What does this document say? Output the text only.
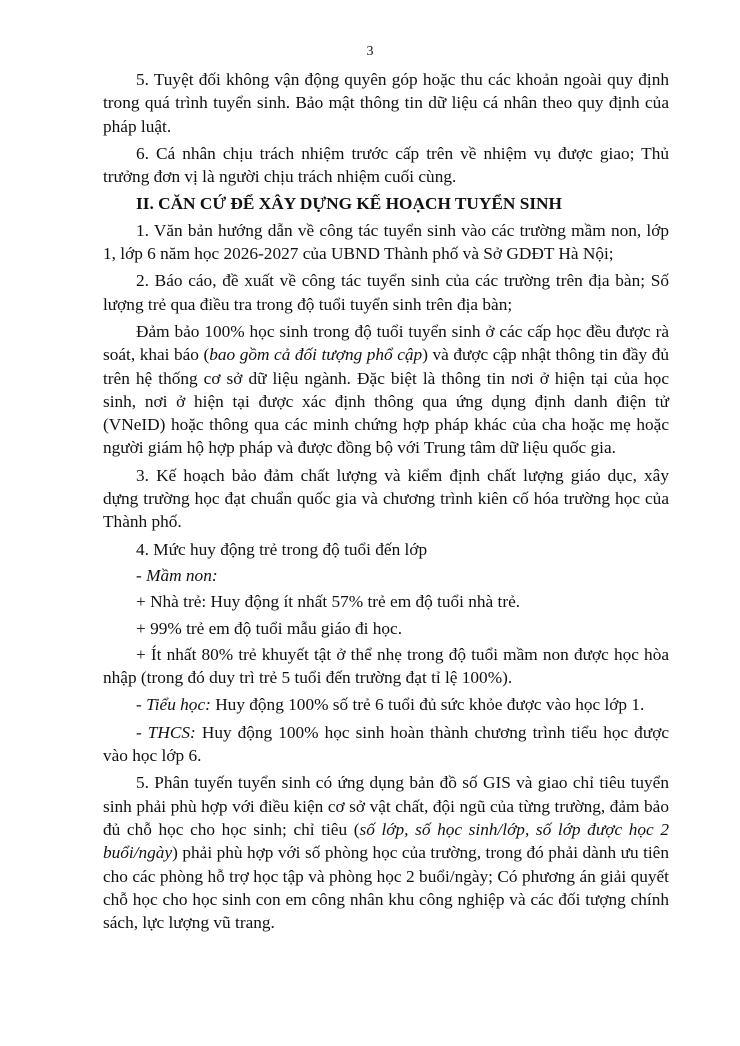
3

5. Tuyệt đối không vận động quyên góp hoặc thu các khoản ngoài quy định trong quá trình tuyển sinh. Bảo mật thông tin dữ liệu cá nhân theo quy định của pháp luật.

6. Cá nhân chịu trách nhiệm trước cấp trên về nhiệm vụ được giao; Thủ trưởng đơn vị là người chịu trách nhiệm cuối cùng.

II. CĂN CỨ ĐỂ XÂY DỰNG KẾ HOẠCH TUYỂN SINH

1. Văn bản hướng dẫn về công tác tuyển sinh vào các trường mầm non, lớp 1, lớp 6 năm học 2026-2027 của UBND Thành phố và Sở GDĐT Hà Nội;

2. Báo cáo, đề xuất về công tác tuyển sinh của các trường trên địa bàn; Số lượng trẻ qua điều tra trong độ tuổi tuyển sinh trên địa bàn;

Đảm bảo 100% học sinh trong độ tuổi tuyển sinh ở các cấp học đều được rà soát, khai báo (bao gồm cả đối tượng phổ cập) và được cập nhật thông tin đầy đủ trên hệ thống cơ sở dữ liệu ngành. Đặc biệt là thông tin nơi ở hiện tại của học sinh, nơi ở hiện tại được xác định thông qua ứng dụng định danh điện tử (VNeID) hoặc thông qua các minh chứng hợp pháp khác của cha hoặc mẹ hoặc người giám hộ hợp pháp và được đồng bộ với Trung tâm dữ liệu quốc gia.

3. Kế hoạch bảo đảm chất lượng và kiểm định chất lượng giáo dục, xây dựng trường học đạt chuẩn quốc gia và chương trình kiên cố hóa trường học của Thành phố.

4. Mức huy động trẻ trong độ tuổi đến lớp

- Mầm non:

+ Nhà trẻ: Huy động ít nhất 57% trẻ em độ tuổi nhà trẻ.

+ 99% trẻ em độ tuổi mẫu giáo đi học.

+ Ít nhất 80% trẻ khuyết tật ở thể nhẹ trong độ tuổi mầm non được học hòa nhập (trong đó duy trì trẻ 5 tuổi đến trường đạt tỉ lệ 100%).

- Tiểu học: Huy động 100% số trẻ 6 tuổi đủ sức khỏe được vào học lớp 1.

- THCS: Huy động 100% học sinh hoàn thành chương trình tiểu học được vào học lớp 6.

5. Phân tuyến tuyển sinh có ứng dụng bản đồ số GIS và giao chỉ tiêu tuyển sinh phải phù hợp với điều kiện cơ sở vật chất, đội ngũ của từng trường, đảm bảo đủ chỗ học cho học sinh; chỉ tiêu (số lớp, số học sinh/lớp, số lớp được học 2 buổi/ngày) phải phù hợp với số phòng học của trường, trong đó phải dành ưu tiên cho các phòng hỗ trợ học tập và phòng học 2 buổi/ngày; Có phương án giải quyết chỗ học cho học sinh con em công nhân khu công nghiệp và các đối tượng chính sách, lực lượng vũ trang.
